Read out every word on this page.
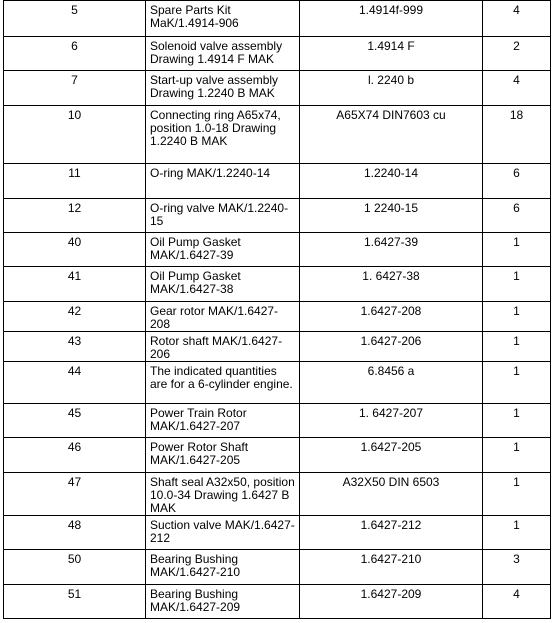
5	Spare Parts Kit MaK/1.4914-906	1.4914f-999	4
6	Solenoid valve assembly Drawing 1.4914 F MAK	1.4914 F	2
7	Start-up valve assembly Drawing 1.2240 B MAK	l. 2240 b	4
10	Connecting ring A65x74, position 1.0-18 Drawing 1.2240 B MAK	A65X74 DIN7603 cu	18
11	O-ring MAK/1.2240-14	1.2240-14	6
12	O-ring valve MAK/1.2240-15	1 2240-15	6
40	Oil Pump Gasket MAK/1.6427-39	1.6427-39	1
41	Oil Pump Gasket MAK/1.6427-38	1. 6427-38	1
42	Gear rotor MAK/1.6427-208	1.6427-208	1
43	Rotor shaft MAK/1.6427-206	1.6427-206	1
44	The indicated quantities are for a 6-cylinder engine.	6.8456 a	1
45	Power Train Rotor MAK/1.6427-207	1. 6427-207	1
46	Power Rotor Shaft MAK/1.6427-205	1.6427-205	1
47	Shaft seal A32x50, position 10.0-34 Drawing 1.6427 B MAK	A32X50 DIN 6503	1
48	Suction valve MAK/1.6427-212	1.6427-212	1
50	Bearing Bushing MAK/1.6427-210	1.6427-210	3
51	Bearing Bushing MAK/1.6427-209	1.6427-209	4
